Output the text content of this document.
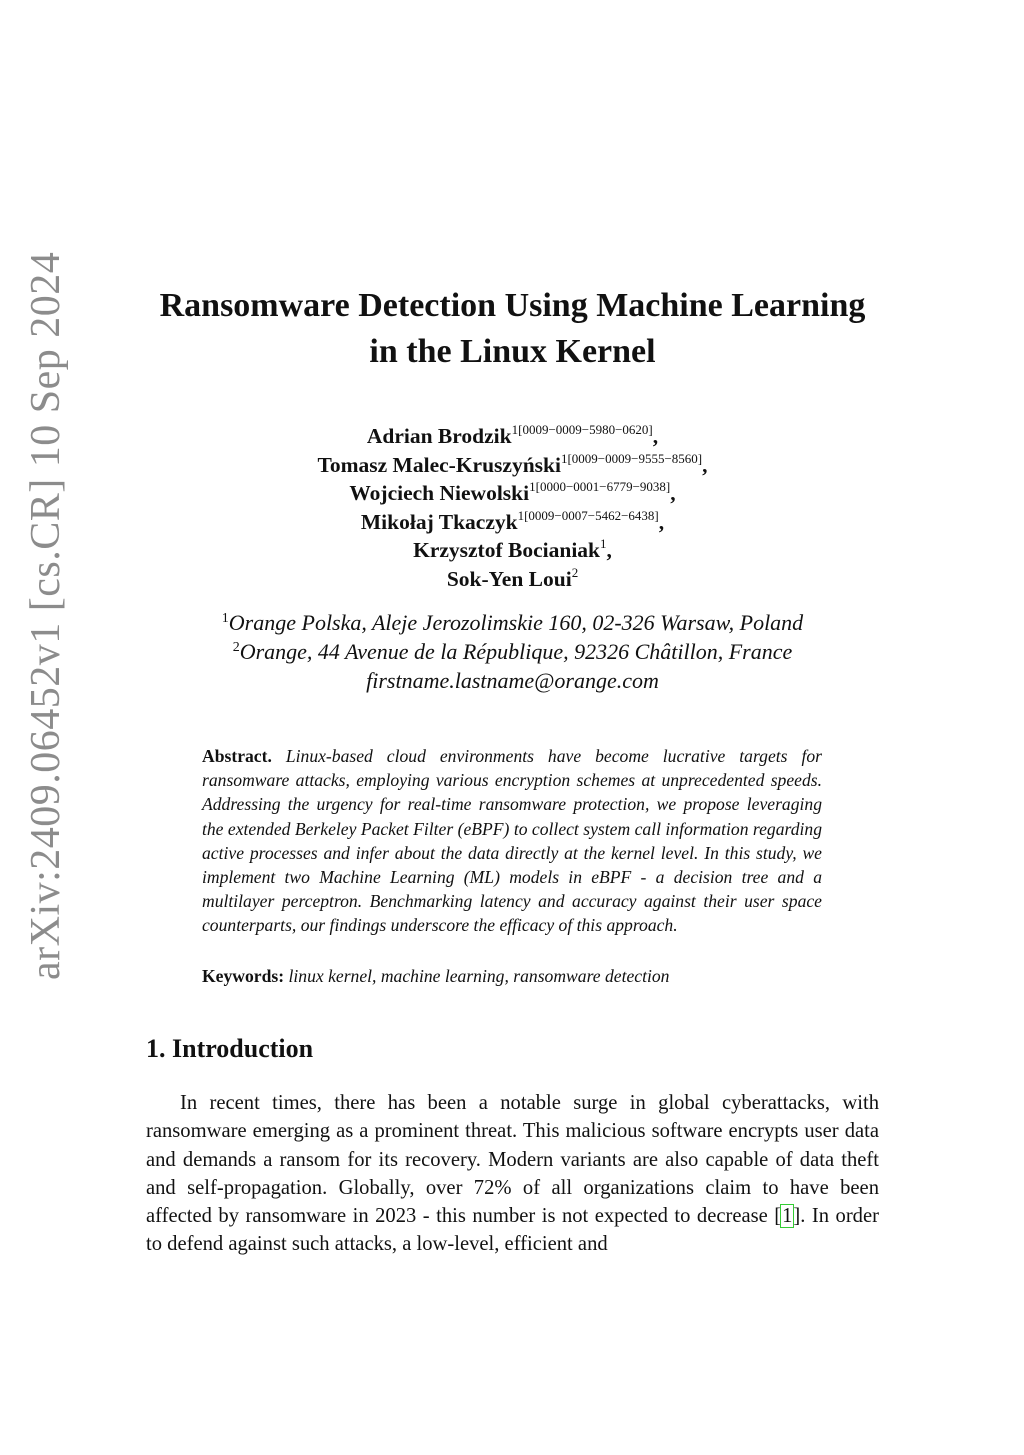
arXiv:2409.06452v1 [cs.CR] 10 Sep 2024	Ransomware Detection Using Machine Learning
in the Linux Kernel
Adrian Brodzik$^{1[0009-0009-5980-0620]}$,
Tomasz Malec-Kruszyński$^{1[0009-0009-9555-8560]}$,
Wojciech Niewolski$^{1[0000-0001-6779-9038]}$,
Mikołaj Tkaczyk$^{1[0009-0007-5462-6438]}$,
Krzysztof Bocianiak$^1$,
Sok-Yen Loui$^2$
$^1$Orange Polska, Aleje Jerozolimskie 160, 02-326 Warsaw, Poland
$^2$Orange, 44 Avenue de la République, 92326 Châtillon, France
firstname.lastname@orange.com
Abstract. Linux-based cloud environments have become lucrative targets for ransomware attacks, employing various encryption schemes at unprecedented speeds. Addressing the urgency for real-time ransomware protection, we propose leveraging the extended Berkeley Packet Filter (eBPF) to collect system call information regarding active processes and infer about the data directly at the kernel level. In this study, we implement two Machine Learning (ML) models in eBPF - a decision tree and a multilayer perceptron. Benchmarking latency and accuracy against their user space counterparts, our findings underscore the efficacy of this approach.
Keywords: linux kernel, machine learning, ransomware detection
1. Introduction
In recent times, there has been a notable surge in global cyberattacks, with ransomware emerging as a prominent threat. This malicious software encrypts user data and demands a ransom for its recovery. Modern variants are also capable of data theft and self-propagation. Globally, over 72% of all organizations claim to have been affected by ransomware in 2023 - this number is not expected to decrease [1]. In order to defend against such attacks, a low-level, efficient and
